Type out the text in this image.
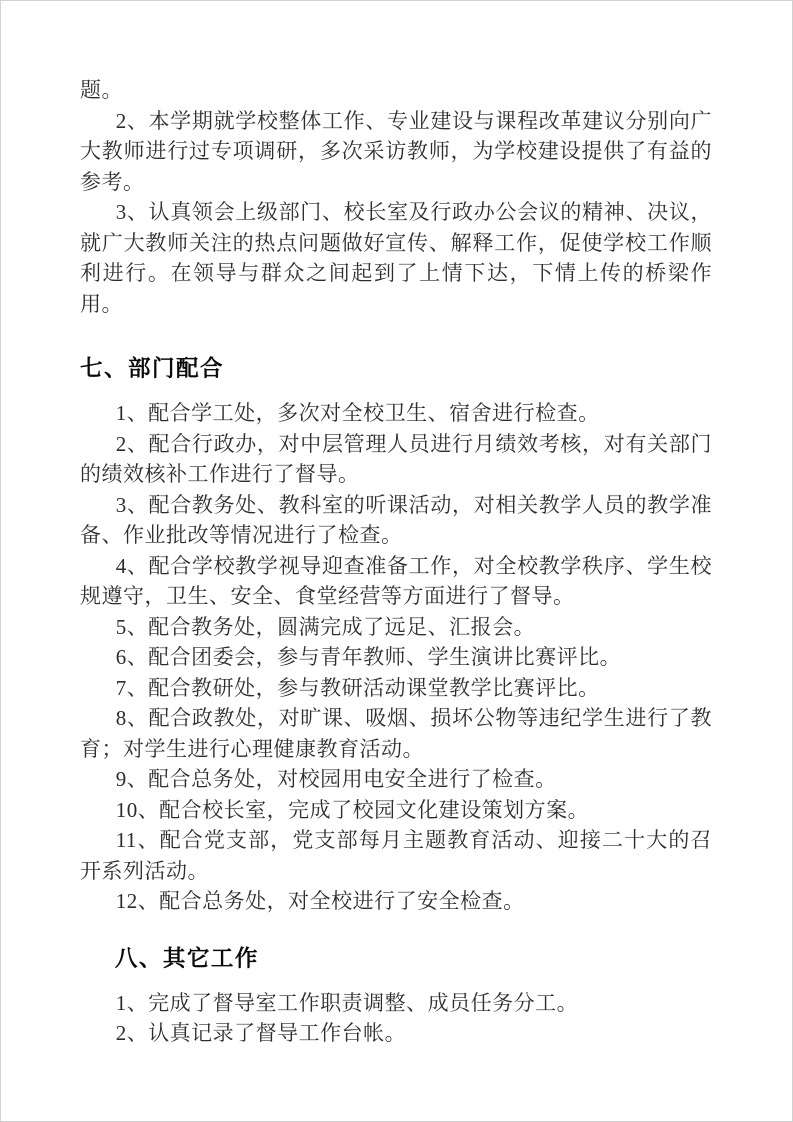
题。

2、本学期就学校整体工作、专业建设与课程改革建议分别向广大教师进行过专项调研，多次采访教师，为学校建设提供了有益的参考。

3、认真领会上级部门、校长室及行政办公会议的精神、决议，就广大教师关注的热点问题做好宣传、解释工作，促使学校工作顺利进行。在领导与群众之间起到了上情下达，下情上传的桥梁作用。

七、部门配合

1、配合学工处，多次对全校卫生、宿舍进行检查。

2、配合行政办，对中层管理人员进行月绩效考核，对有关部门的绩效核补工作进行了督导。

3、配合教务处、教科室的听课活动，对相关教学人员的教学准备、作业批改等情况进行了检查。

4、配合学校教学视导迎查准备工作，对全校教学秩序、学生校规遵守，卫生、安全、食堂经营等方面进行了督导。

5、配合教务处，圆满完成了远足、汇报会。

6、配合团委会，参与青年教师、学生演讲比赛评比。

7、配合教研处，参与教研活动课堂教学比赛评比。

8、配合政教处，对旷课、吸烟、损坏公物等违纪学生进行了教育；对学生进行心理健康教育活动。

9、配合总务处，对校园用电安全进行了检查。

10、配合校长室，完成了校园文化建设策划方案。

11、配合党支部，党支部每月主题教育活动、迎接二十大的召开系列活动。

12、配合总务处，对全校进行了安全检查。

八、其它工作

1、完成了督导室工作职责调整、成员任务分工。

2、认真记录了督导工作台帐。
